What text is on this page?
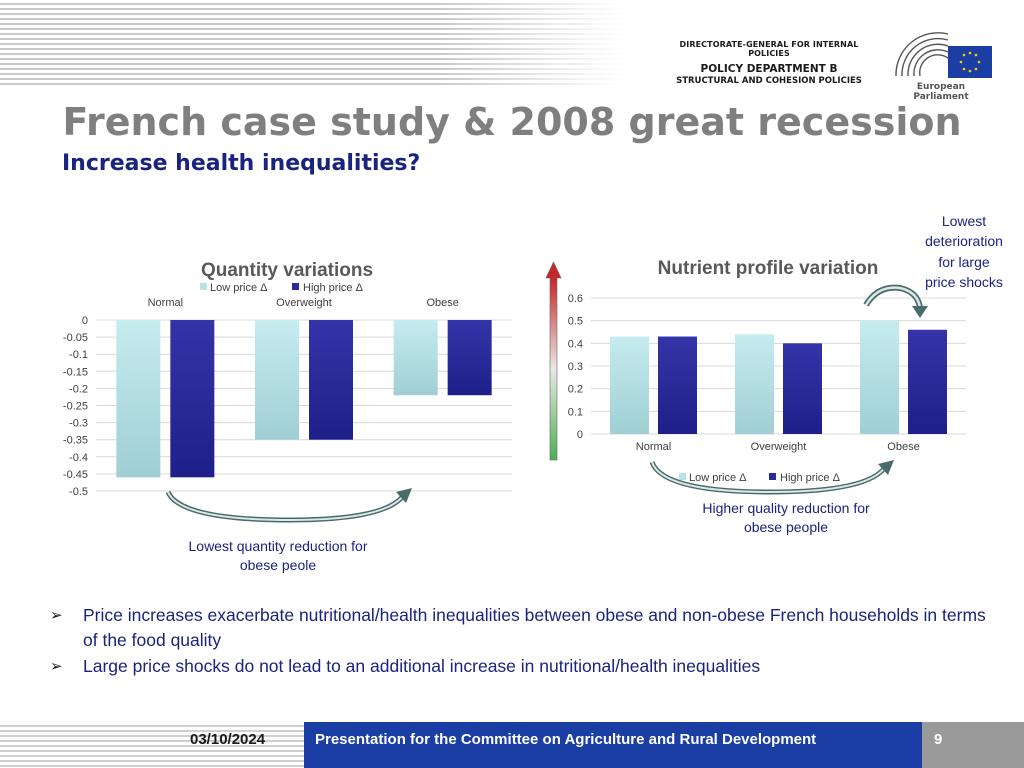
DIRECTORATE-GENERAL FOR INTERNAL POLICIES
POLICY DEPARTMENT B
STRUCTURAL AND COHESION POLICIES
European Parliament
French case study & 2008 great recession
Increase health inequalities?
Quantity variations
Low price Δ	High price Δ
0
-0.05
-0.1
-0.15
-0.2
-0.25
-0.3
-0.35
-0.4
-0.45
-0.5
Normal	Overweight	Obese
Nutrient profile variation
0
0.1
0.2
0.3
0.4
0.5
0.6
Normal	Overweight	Obese
Low price Δ	High price Δ
Lowest quantity reduction for
obese peole
Higher quality reduction for
obese people
Lowest
deterioration
for large
price shocks
➢ Price increases exacerbate nutritional/health inequalities between obese and non-obese French households in terms of the food quality
➢ Large price shocks do not lead to an additional increase in nutritional/health inequalities
03/10/2024	Presentation for the Committee on Agriculture and Rural Development	9
